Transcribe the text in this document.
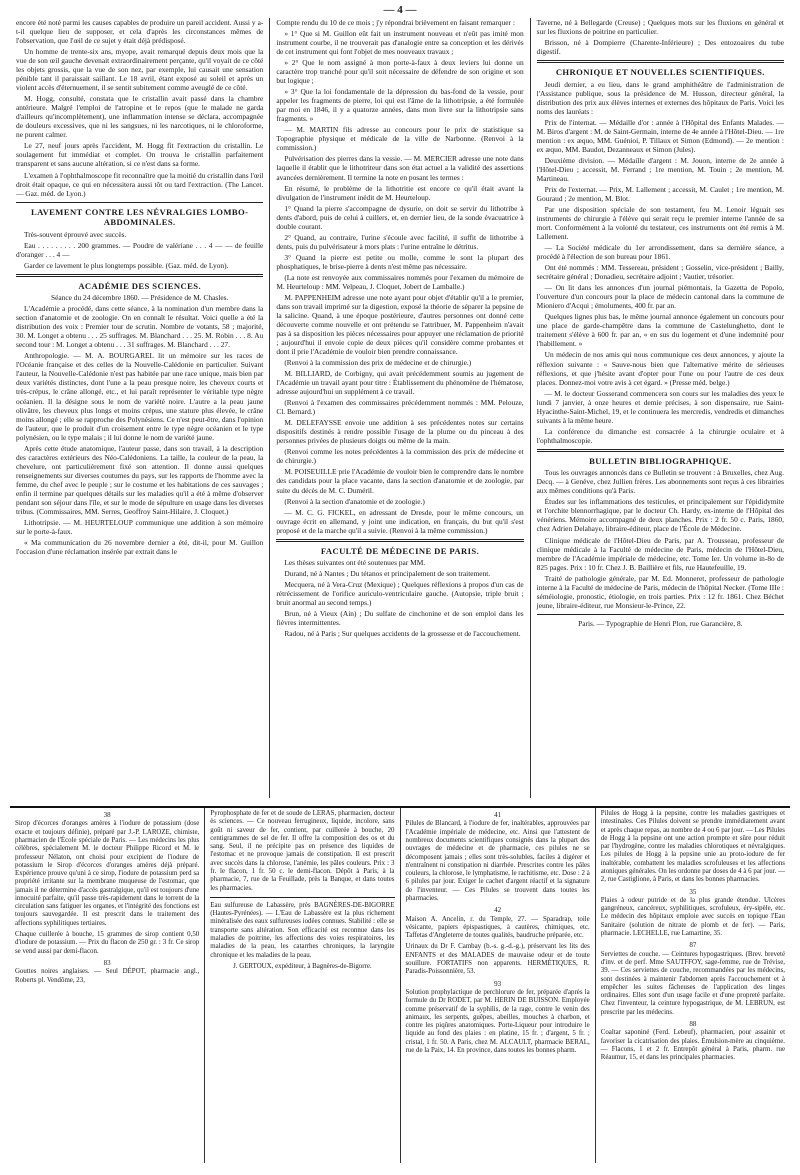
— 4 —

encore été noté parmi les causes capables de produire un pareil accident. Aussi y a-t-il quelque lieu de supposer, et cela d'après les circonstances mêmes de l'observation, que l'œil de ce sujet y était déjà prédisposé.

Un homme de trente-six ans, myope, avait remarqué depuis deux mois que la vue de son œil gauche devenait extraordinairement perçante, qu'il voyait de ce côté les objets grossis, que la vue de son nez, par exemple, lui causait une sensation pénible tant il paraissait saillant. Le 18 avril, étant exposé au soleil et après un violent accès d'éternuement, il se sentit subitement comme aveuglé de ce côté.

M. Hogg, consulté, constata que le cristallin avait passé dans la chambre antérieure. Malgré l'emploi de l'atropine et le repos (que le malade ne garda d'ailleurs qu'incomplètement), une inflammation intense se déclara, accompagnée de douleurs excessives, que ni les sangsues, ni les narcotiques, ni le chloroforme, ne purent calmer.

Le 27, neuf jours après l'accident, M. Hogg fit l'extraction du cristallin. Le soulagement fut immédiat et complet. On trouva le cristallin parfaitement transparent et sans aucune altération, si ce n'est dans sa forme.

L'examen à l'ophthalmoscope fit reconnaître que la moitié du cristallin dans l'œil droit était opaque, ce qui en nécessitera aussi tôt ou tard l'extraction. (The Lancet. — Gaz. méd. de Lyon.)

LAVEMENT CONTRE LES NÉVRALGIES LOMBO-ABDOMINALES.

Très-souvent éprouvé avec succès.

Eau . . . . . . . . . 200 grammes. — Poudre de valériane . . . 4 — — de feuille d'oranger . . . 4 —

Garder ce lavement le plus longtemps possible. (Gaz. méd. de Lyon).

ACADÉMIE DES SCIENCES.

Séance du 24 décembre 1860. — Présidence de M. Chasles.

L'Académie a procédé, dans cette séance, à la nomination d'un membre dans la section d'anatomie et de zoologie. On en connaît le résultat. Voici quelle a été la distribution des voix : Premier tour de scrutin. Nombre de votants, 58 ; majorité, 30. M. Longet a obtenu . . . 25 suffrages. M. Blanchard . . . 25. M. Robin . . . 8. Au second tour : M. Longet a obtenu . . . 31 suffrages. M. Blanchard . . . 27.

Anthropologie. — M. A. BOURGAREL lit un mémoire sur les races de l'Océanie française et des celles de la Nouvelle-Calédonie en particulier. Suivant l'auteur, la Nouvelle-Calédonie n'est pas habitée par une race unique, mais bien par deux variétés distinctes, dont l'une a la peau presque noire, les cheveux courts et très-crépus, le crâne allongé, etc., et lui paraît représenter le véritable type nègre océanien. Il la désigne sous le nom de variété noire. L'autre a la peau jaune olivâtre, les cheveux plus longs et moins crépus, une stature plus élevée, le crâne moins allongé ; elle se rapproche des Polynésiens. Ce n'est peut-être, dans l'opinion de l'auteur, que le produit d'un croisement entre le type nègre océanien et le type polynésien, ou le type malais ; il lui donne le nom de variété jaune.

Après cette étude anatomique, l'auteur passe, dans son travail, à la description des caractères extérieurs des Néo-Calédoniens. La taille, la couleur de la peau, la chevelure, ont particulièrement fixé son attention. Il donne aussi quelques renseignements sur diverses coutumes du pays, sur les rapports de l'homme avec la femme, du chef avec le peuple ; sur le costume et les habitations de ces sauvages ; enfin il termine par quelques détails sur les maladies qu'il a été à même d'observer pendant son séjour dans l'île, et sur le mode de sépulture en usage dans les diverses tribus. (Commissaires, MM. Serres, Geoffroy Saint-Hilaire, J. Cloquet.)

Lithotripsie. — M. HEURTELOUP communique une addition à son mémoire sur le porte-à-faux.

« Ma communication du 26 novembre dernier a été, dit-il, pour M. Guillon l'occasion d'une réclamation insérée par extrait dans le

Compte rendu du 10 de ce mois ; j'y répondrai brièvement en faisant remarquer :

» 1° Que si M. Guillon eût fait un instrument nouveau et n'eût pas imité mon instrument courbe, il ne trouverait pas d'analogie entre sa conception et les dérivés de cet instrument qui font l'objet de mes nouveaux travaux ;

» 2° Que le nom assigné à mon porte-à-faux à deux leviers lui donne un caractère trop tranché pour qu'il soit nécessaire de défendre de son origine et son but logique ;

» 3° Que la loi fondamentale de la dépression du bas-fond de la vessie, pour appeler les fragments de pierre, loi qui est l'âme de la lithotripsie, a été formulée par moi en 1846, il y a quatorze années, dans mon livre sur la lithotripsie sans fragments. »

— M. MARTIN fils adresse au concours pour le prix de statistique sa Topographie physique et médicale de la ville de Narbonne. (Renvoi à la commission.)

Pulvérisation des pierres dans la vessie. — M. MERCIER adresse une note dans laquelle il établit que le lithotriteur dans son état actuel a la validité des assertions avancées dernièrement. Il termine la note en posant les termes :

En résumé, le problème de la lithotritie est encore ce qu'il était avant la divulgation de l'instrument inédit de M. Heurteloup.

1° Quand la pierre s'accompagne de dysurie, on doit se servir du lithotribe à dents d'abord, puis de celui à cuillers, et, en dernier lieu, de la sonde évacuatrice à double courant.

2° Quand, au contraire, l'urine s'écoule avec facilité, il suffit de lithotribe à dents, puis du pulvérisateur à mors plats : l'urine entraîne le détritus.

3° Quand la pierre est petite ou molle, comme le sont la plupart des phosphatiques, le brise-pierre à dents n'est même pas nécessaire.

(La note est renvoyée aux commissaires nommés pour l'examen du mémoire de M. Heurteloup : MM. Velpeau, J. Cloquet, Jobert de Lamballe.)

M. PAPPENHEIM adresse une note ayant pour objet d'établir qu'il a le premier, dans son travail imprimé sur la digestion, exposé la théorie de séparer la pepsine de la salicine. Quand, à une époque postérieure, d'autres personnes ont donné cette découverte comme nouvelle et ont prétendu se l'attribuer, M. Pappenheim n'avait pas à sa disposition les pièces nécessaires pour appuyer une réclamation de priorité ; aujourd'hui il envoie copie de deux pièces qu'il considère comme probantes et dont il prie l'Académie de vouloir bien prendre connaissance.

(Renvoi à la commission des prix de médecine et de chirurgie.)

M. BILLIARD, de Corbigny, qui avait précédemment soumis au jugement de l'Académie un travail ayant pour titre : Établissement du phénomène de l'hématose, adresse aujourd'hui un supplément à ce travail.

(Renvoi à l'examen des commissaires précédemment nommés : MM. Pelouze, Cl. Bernard.)

M. DELEFAYSSE envoie une addition à ses précédentes notes sur certains dispositifs destinés à rendre possible l'usage de la plume ou du pinceau à des personnes privées de plusieurs doigts ou même de la main.

(Renvoi comme les notes précédentes à la commission des prix de médecine et de chirurgie.)

M. POISEUILLE prie l'Académie de vouloir bien le comprendre dans le nombre des candidats pour la place vacante, dans la section d'anatomie et de zoologie, par suite du décès de M. C. Duméril.

(Renvoi à la section d'anatomie et de zoologie.)

— M. C. G. FICKEL, en adressant de Dresde, pour le même concours, un ouvrage écrit en allemand, y joint une indication, en français, du but qu'il s'est proposé et de la marche qu'il a suivie. (Renvoi à la même commission.)

FACULTÉ DE MÉDECINE DE PARIS.

Les thèses suivantes ont été soutenues par MM.

Durand, né à Nantes ; Du tétanos et principalement de son traitement.

Mecquera, né à Vera-Cruz (Mexique) ; Quelques réflexions à propos d'un cas de rétrécissement de l'orifice auriculo-ventriculaire gauche. (Autopsie, triple bruit ; bruit anormal au second temps.)

Brun, né à Vieux (Ain) ; Du sulfate de cinchonine et de son emploi dans les fièvres intermittentes.

Radou, né à Paris ; Sur quelques accidents de la grossesse et de l'accouchement.

Taverne, né à Bellegarde (Creuse) ; Quelques mots sur les fluxions en général et sur les fluxions de poitrine en particulier.

Brisson, né à Dompierre (Charente-Inférieure) ; Des entozoaires du tube digestif.

CHRONIQUE ET NOUVELLES SCIENTIFIQUES.

Jeudi dernier, a eu lieu, dans le grand amphithéâtre de l'administration de l'Assistance publique, sous la présidence de M. Husson, directeur général, la distribution des prix aux élèves internes et externes des hôpitaux de Paris. Voici les noms des lauréats :

Prix de l'internat. — Médaille d'or : année à l'Hôpital des Enfants Malades. — M. Biros d'argent : M. de Saint-Germain, interne de 4e année à l'Hôtel-Dieu. — 1re mention : ex æquo, MM. Guénioi, P. Tillaux et Simon (Edmond). — 2e mention : ex æquo, MM. Baudot, Dezanneaux et Simon (Jules).

Deuxième division. — Médaille d'argent : M. Jouon, interne de 2e année à l'Hôtel-Dieu ; accessit, M. Ferrand ; 1re mention, M. Touin ; 2e mention, M. Martineau.

Prix de l'externat. — Prix, M. Lallement ; accessit, M. Caulet ; 1re mention, M. Gouraud ; 2e mention, M. Blot.

Par une disposition spéciale de son testament, feu M. Lenoir léguait ses instruments de chirurgie à l'élève qui serait reçu le premier interne l'année de sa mort. Conformément à la volonté du testateur, ces instruments ont été remis à M. Lallement.

— La Société médicale du 1er arrondissement, dans sa dernière séance, a procédé à l'élection de son bureau pour 1861.

Ont été nommés : MM. Tessereau, président ; Gosselin, vice-président ; Bailly, secrétaire général ; Donadieu, secrétaire adjoint ; Vautier, trésorier.

— On lit dans les annonces d'un journal piémontais, la Gazetta de Popolo, l'ouverture d'un concours pour la place de médecin cantonal dans la commune de Mioniero d'Acqui ; émoluments, 400 fr. par an.

Quelques lignes plus bas, le même journal annonce également un concours pour une place de garde-champêtre dans la commune de Castelunghetto, dont le traitement s'élève à 600 fr. par an, « en sus du logement et d'une indemnité pour l'habillement. »

Un médecin de nos amis qui nous communique ces deux annonces, y ajoute la réflexion suivante : « Sauve-nous bien que l'alternative mérite de sérieuses réflexions, et que j'hésite avant d'opter pour l'une ou pour l'autre de ces deux places. Donnez-moi votre avis à cet égard. » (Presse méd. belge.)

— M. le docteur Gosserand commencera son cours sur les maladies des yeux le lundi 7 janvier, à onze heures et demie précises, à son dispensaire, rue Saint-Hyacinthe-Saint-Michel, 19, et le continuera les mercredis, vendredis et dimanches suivants à la même heure.

La conférence du dimanche est consacrée à la chirurgie oculaire et à l'ophthalmoscopie.

BULLETIN BIBLIOGRAPHIQUE.

Tous les ouvrages annoncés dans ce Bulletin se trouvent : à Bruxelles, chez Aug. Decq. — à Genève, chez Jullien frères. Les abonnements sont reçus à ces librairies aux mêmes conditions qu'à Paris.

Études sur les inflammations des testicules, et principalement sur l'épididymite et l'orchite blennorrhagique, par le docteur Ch. Hardy, ex-interne de l'Hôpital des vénériens. Mémoire accompagné de deux planches. Prix : 2 fr. 50 c. Paris, 1860, chez Adrien Delahaye, libraire-éditeur, place de l'École de Médecine.

Clinique médicale de l'Hôtel-Dieu de Paris, par A. Trousseau, professeur de clinique médicale à la Faculté de médecine de Paris, médecin de l'Hôtel-Dieu, membre de l'Académie impériale de médecine, etc. Tome Ier. Un volume in-8o de 825 pages. Prix : 10 fr. Chez J. B. Baillière et fils, rue Hautefeuille, 19.

Traité de pathologie générale, par M. Ed. Monneret, professeur de pathologie interne à la Faculté de médecine de Paris, médecin de l'hôpital Necker. (Tome IIIe : séméiologie, pronostic, étiologie, en trois parties. Prix : 12 fr. 1861. Chez Béchet jeune, libraire-éditeur, rue Monsieur-le-Prince, 22.

Paris. — Typographie de Henri Plon, rue Garancière, 8.

38
Sirop d'écorces d'oranges amères à l'iodure de potassium (dose exacte et toujours définie), préparé par J.-P. LAROZE, chimiste, pharmacien de l'École spéciale de Paris. — Les médecins les plus célèbres, spécialement M. le docteur Philippe Ricord et M. le professeur Nélaton, ont choisi pour excipient de l'iodure de potassium le Sirop d'écorces d'oranges amères déjà préparé. Expérience prouve qu'uni à ce sirop, l'iodure de potassium perd sa propriété irritante sur la membrane muqueuse de l'estomac, que jamais il ne détermine d'accès gastralgique, qu'il est toujours d'une innocuité parfaite, qu'il passe très-rapidement dans le torrent de la circulation sans fatiguer les organes, et l'intégrité des fonctions est toujours sauvegardée. Il est prescrit dans le traitement des affections syphilitiques tertiaires.
Chaque cuillerée à bouche, 15 grammes de sirop contient 0,50 d'iodure de potassium. — Prix du flacon de 250 gr. : 3 fr. Ce sirop se vend aussi par demi-flacon.
83
Gouttes noires anglaises. — Seul DÉPOT, pharmacie angl., Roberts pl. Vendôme, 23,
Pyrophosphate de fer et de soude de LERAS, pharmacien, docteur ès sciences. — Ce nouveau ferrugineux, liquide, incolore, sans goût ni saveur de fer, contient, par cuillerée à bouche, 20 centigrammes de sel de fer. Il offre la composition des os et du sang. Seul, il ne précipite pas en présence des liquides de l'estomac et ne provoque jamais de constipation. Il est prescrit avec succès dans la chlorose, l'anémie, les pâles couleurs. Prix : 3 fr. le flacon, 1 fr. 50 c. le demi-flacon. Dépôt à Paris, à la pharmacie, 7, rue de la Feuillade, près la Banque, et dans toutes les pharmacies.
Eau sulfureuse de Labassère, près BAGNÈRES-DE-BIGORRE (Hautes-Pyrénées). — L'Eau de Labassère est la plus richement minéralisée des eaux sulfureuses iodées connues. Stabilité : elle se transporte sans altération. Son efficacité est reconnue dans les maladies de poitrine, les affections des voies respiratoires, les maladies de la peau, les catarrhes chroniques, la laryngite chronique et les maladies de la peau.
J. GERTOUX, expéditeur, à Bagnères-de-Bigorre.
41
Pilules de Blancard, à l'iodure de fer, inaltérables, approuvées par l'Académie impériale de médecine, etc. Ainsi que l'attestent de nombreux documents scientifiques consignés dans la plupart des ouvrages de médecine et de pharmacie, ces pilules ne se décomposent jamais ; elles sont très-solubles, faciles à digérer et n'entraînent ni constipation ni diarrhée. Prescrites contre les pâles couleurs, la chlorose, le lymphatisme, le rachitisme, etc. Dose : 2 à 6 pilules par jour. Exiger le cachet d'argent réactif et la signature de l'inventeur. — Ces Pilules se trouvent dans toutes les pharmacies.
42
Maison A. Ancelin, r. du Temple, 27. — Sparadrap, toile vésicante, papiers épispastiques, à cautères, chimiques, etc. Taffetas d'Angleterre de toutes qualités, baudruche préparée, etc.
Urinaux du Dr F. Cambay (b.-s. g.-d.-g.), préservant les lits des ENFANTS et des MALADES de mauvaise odeur et de toute souillure. FORTATIFS non apparents. HERMÉTIQUES, R. Paradis-Poissonnière, 53.
93
Solution prophylactique de perchlorure de fer, préparée d'après la formule du Dr RODET, par M. HERIN DE BUISSON. Employée comme préservatif de la syphilis, de la rage, contre le venin des animaux, les serpents, guêpes, abeilles, mouches à charbon, et contre les piqûres anatomiques. Porte-Liqueur pour introduire le liquide au fond des plaies : en platine, 15 fr. ; d'argent, 5 fr. ; cristal, 1 fr. 50. A Paris, chez M. ALCAULT, pharmacie BERAL, rue de la Paix, 14. En province, dans toutes les bonnes pharm.
Pilules de Hogg à la pepsine, contre les maladies gastriques et intestinales. Ces Pilules doivent se prendre immédiatement avant et après chaque repas, au nombre de 4 ou 6 par jour. — Les Pilules de Hogg à la pepsine ont une action prompte et sûre pour réduit par l'hydrogène, contre les maladies chlorotiques et névralgiques. Les pilules de Hogg à la pepsine unie au proto-iodure de fer inaltérable, combattent les maladies scrofuleuses et les affections atoniques générales. On les ordonne par doses de 4 à 6 par jour. — 2, rue Castiglione, à Paris, et dans les bonnes pharmacies.
35
Plaies à odeur putride et de la plus grande étendue. Ulcères gangréneux, cancéreux, syphilitiques, scrofuleux, éry-sipèle, etc. Le médecin des hôpitaux emploie avec succès en topique l'Eau Sanitaire (solution de nitrate de plomb et de fer). — Paris, pharmacie. LECHELLE, rue Lamartine, 35.
87
Serviettes de couche. — Ceintures hypogastriques. (Brev. breveté d'inv. et de perf. Mme SAUTFFOY, sage-femme, rue de Trévise, 39. — Ces serviettes de couche, recommandées par les médecins, sont destinées à maintenir l'abdomen après l'accouchement et à empêcher les suites fâcheuses de l'application des linges ordinaires. Elles sont d'un usage facile et d'une propreté parfaite. Chez l'inventeur, la ceinture hypogastrique, de M. LEBRUN, est prescrite par les médecins.
88
Coaltar saponiné (Ferd. Lebeuf), pharmacien, pour assainir et favoriser la cicatrisation des plaies. Émulsion-mère au cinquième. — Flacons, 1 et 2 fr. Entrepôt général à Paris, pharm. rue Réaumur, 15, et dans les principales pharmacies.
